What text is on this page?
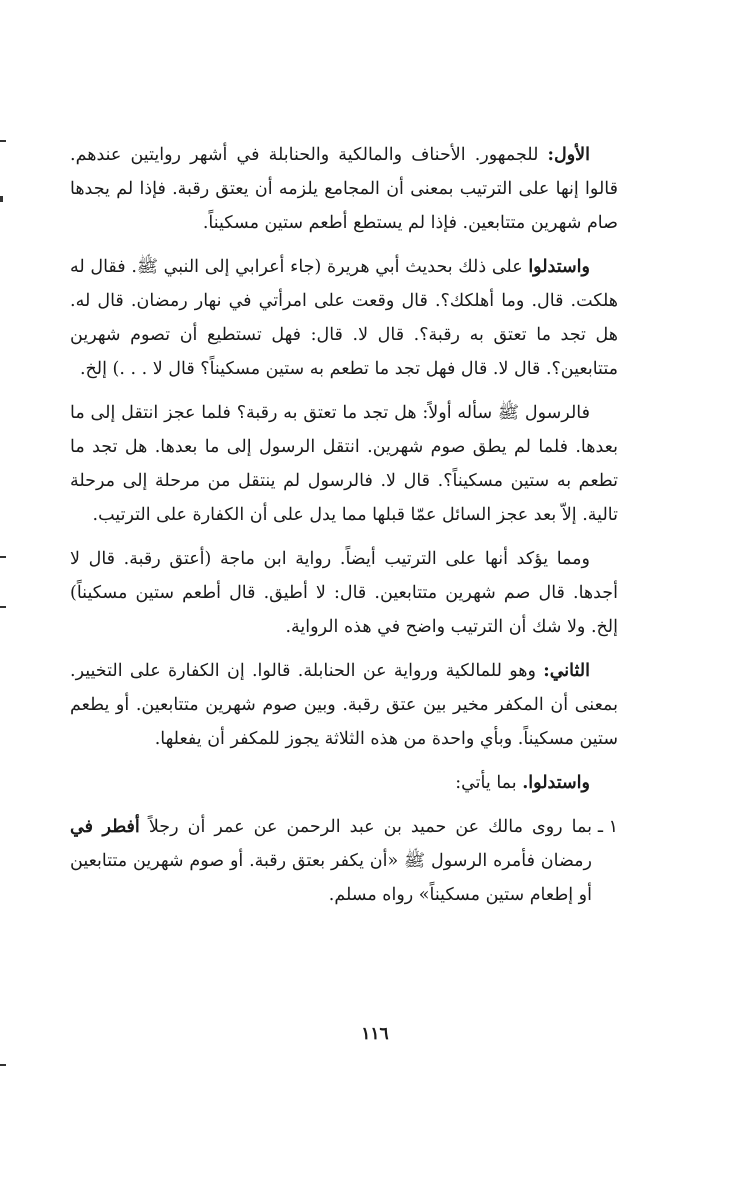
الأول: للجمهور. الأحناف والمالكية والحنابلة في أشهر روايتين عندهم. قالوا إنها على الترتيب بمعنى أن المجامع يلزمه أن يعتق رقبة. فإذا لم يجدها صام شهرين متتابعين. فإذا لم يستطع أطعم ستين مسكيناً.

واستدلوا على ذلك بحديث أبي هريرة (جاء أعرابي إلى النبي ﷺ. فقال له هلكت. قال. وما أهلكك؟. قال وقعت على امرأتي في نهار رمضان. قال له. هل تجد ما تعتق به رقبة؟. قال لا. قال: فهل تستطيع أن تصوم شهرين متتابعين؟. قال لا. قال فهل تجد ما تطعم به ستين مسكيناً؟ قال لا . . .) إلخ.

فالرسول ﷺ سأله أولاً: هل تجد ما تعتق به رقبة؟ فلما عجز انتقل إلى ما بعدها. فلما لم يطق صوم شهرين. انتقل الرسول إلى ما بعدها. هل تجد ما تطعم به ستين مسكيناً؟. قال لا. فالرسول لم ينتقل من مرحلة إلى مرحلة تالية. إلاّ بعد عجز السائل عمّا قبلها مما يدل على أن الكفارة على الترتيب.

ومما يؤكد أنها على الترتيب أيضاً. رواية ابن ماجة (أعتق رقبة. قال لا أجدها. قال صم شهرين متتابعين. قال: لا أطيق. قال أطعم ستين مسكيناً) إلخ. ولا شك أن الترتيب واضح في هذه الرواية.

الثاني: وهو للمالكية ورواية عن الحنابلة. قالوا. إن الكفارة على التخيير. بمعنى أن المكفر مخير بين عتق رقبة. وبين صوم شهرين متتابعين. أو يطعم ستين مسكيناً. وبأي واحدة من هذه الثلاثة يجوز للمكفر أن يفعلها.

واستدلوا. بما يأتي:

١ ـ
بما روى مالك عن حميد بن عبد الرحمن عن عمر أن رجلاً أفطر في رمضان فأمره الرسول ﷺ «أن يكفر بعتق رقبة. أو صوم شهرين متتابعين أو إطعام ستين مسكيناً» رواه مسلم.

١١٦
